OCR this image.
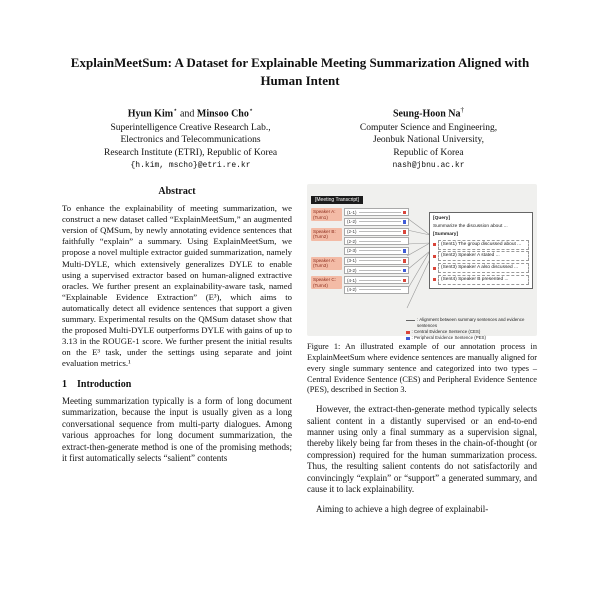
ExplainMeetSum: A Dataset for Explainable Meeting Summarization Aligned with Human Intent
Hyun Kim⋆ and Minsoo Cho⋆
Superintelligence Creative Research Lab.,
Electronics and Telecommunications
Research Institute (ETRI), Republic of Korea
{h.kim, mscho}@etri.re.kr
Seung-Hoon Na†
Computer Science and Engineering,
Jeonbuk National University,
Republic of Korea
nash@jbnu.ac.kr
Abstract

To enhance the explainability of meeting summarization, we construct a new dataset called “ExplainMeetSum,” an augmented version of QMSum, by newly annotating evidence sentences that faithfully “explain” a summary. Using ExplainMeetSum, we propose a novel multiple extractor guided summarization, namely Multi-DYLE, which extensively generalizes DYLE to enable using a supervised extractor based on human-aligned extractive oracles. We further present an explainability-aware task, named “Explainable Evidence Extraction” (E³), which aims to automatically detect all evidence sentences that support a given summary. Experimental results on the QMSum dataset show that the proposed Multi-DYLE outperforms DYLE with gains of up to 3.13 in the ROUGE-1 score. We further present the initial results on the E³ task, under the settings using separate and joint evaluation metrics.¹

1 Introduction

Meeting summarization typically is a form of long document summarization, because the input is usually given as a long conversational sequence from multi-party dialogues. Among various approaches for long document summarization, the extract-then-generate method is one of the promising methods; it first automatically selects “salient” contents

[Meeting Transcript]
Speaker A: (Turn1)
(1-1)
(1-2)
Speaker B: (Turn2)
(2-1)
(2-2)
(2-3)
Speaker A: (Turn3)
(3-1)
(3-2)
Speaker C: (Turn4)
(4-1)
(4-2)
[Query]
Summarize the discussion about ...
[Summary]
(Sent1) The group discussed about ...
(Sent2) Speaker A stated ...
(Sent3) Speaker A also discussed ...
(Sent4) Speaker B presented ...
: Alignment between summary sentences and evidence sentences
: Central Evidence Sentence (CES)
: Peripheral Evidence Sentence (PES)

Figure 1: An illustrated example of our annotation process in ExplainMeetSum where evidence sentences are manually aligned for every single summary sentence and categorized into two types – Central Evidence Sentence (CES) and Peripheral Evidence Sentence (PES), described in Section 3.

However, the extract-then-generate method typically selects salient content in a distantly supervised or an end-to-end manner using only a final summary as a supervision signal, thereby likely being far from theses in the chain-of-thought (or compression) required for the human summarization process. Thus, the resulting salient contents do not satisfactorily and convincingly “explain” or “support” a generated summary, and cause it to lack explainability.

Aiming to achieve a high degree of explainabil-
